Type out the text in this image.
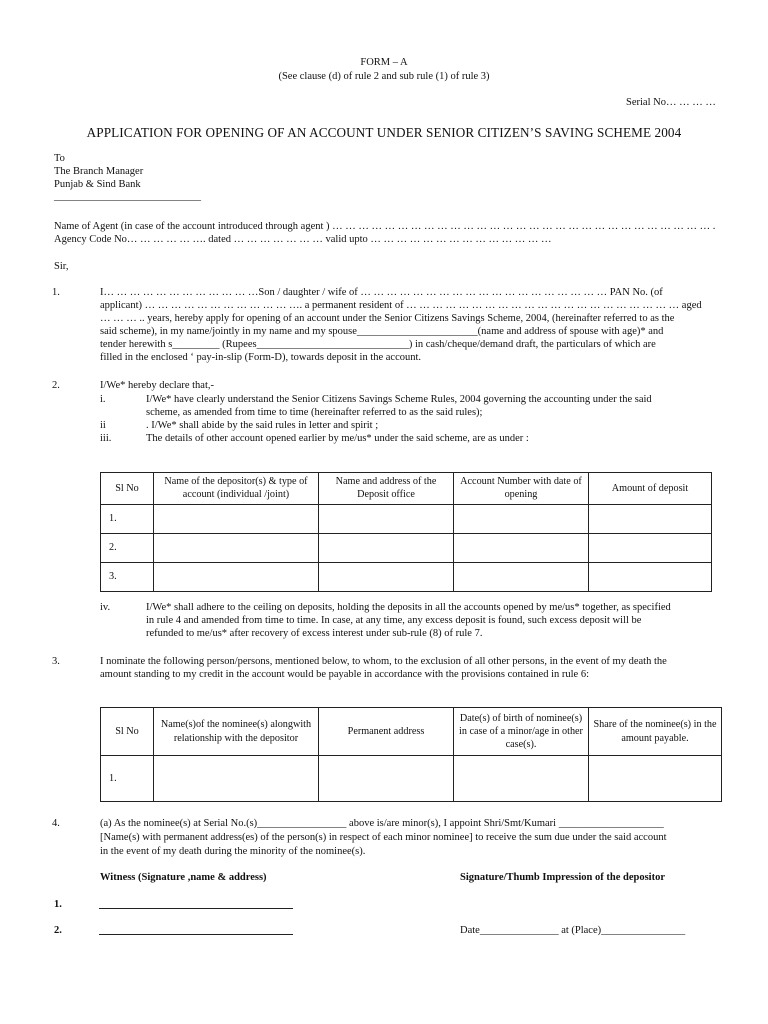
FORM – A
(See clause (d) of rule 2 and sub rule (1) of rule 3)
Serial No… … … …
APPLICATION FOR OPENING OF AN ACCOUNT UNDER SENIOR CITIZEN’S SAVING SCHEME 2004
To
The Branch Manager
Punjab & Sind Bank
____________________________
Name of Agent (in case of the account introduced through agent ) … … … … … … … … … … … … … … … … … … … … … … … … … … … … … .
Agency Code No… … … … … …. dated … … … … … … … valid upto … … … … … … … … … … … … … …
Sir,
1.	I… … … … … … … … … … … …Son / daughter / wife of … … … … … … … … … … … … … … … … … … … PAN No. (of
applicant) … … … … … … … … … … … …. a permanent resident of … … … … … … … … … … … … … … … … … … … … … aged
… … … .. years, hereby apply for opening of an account under the Senior Citizens Savings Scheme, 2004, (hereinafter referred to as the
said scheme), in my name/jointly in my name and my spouse_______________________(name and address of spouse with age)* and
tender herewith s_________ (Rupees_____________________________) in cash/cheque/demand draft, the particulars of which are
filled in the enclosed ‘ pay-in-slip (Form-D), towards deposit in the account.
2.	I/We* hereby declare that,-
i.	I/We* have clearly understand the Senior Citizens Savings Scheme Rules, 2004 governing the accounting under the said
scheme, as amended from time to time (hereinafter referred to as the said rules);
ii	. I/We* shall abide by the said rules in letter and spirit ;
iii.	The details of other account opened earlier by me/us* under the said scheme, are as under :
Sl No	Name of the depositor(s) & type of account (individual /joint)	Name and address of the Deposit office	Account Number with date of opening	Amount of deposit
1.				
2.				
3.				
iv.	I/We* shall adhere to the ceiling on deposits, holding the deposits in all the accounts opened by me/us* together, as specified
in rule 4 and amended from time to time. In case, at any time, any excess deposit is found, such excess deposit will be
refunded to me/us* after recovery of excess interest under sub-rule (8) of rule 7.
3.	I nominate the following person/persons, mentioned below, to whom, to the exclusion of all other persons, in the event of my death the
amount standing to my credit in the account would be payable in accordance with the provisions contained in rule 6:
Sl No	Name(s)of the nominee(s) alongwith relationship with the depositor	Permanent address	Date(s) of birth of nominee(s) in case of a minor/age in other case(s).	Share of the nominee(s) in the amount payable.
1.				
4.	(a) As the nominee(s) at Serial No.(s)_________________ above is/are minor(s), I appoint Shri/Smt/Kumari ____________________
[Name(s) with permanent address(es) of the person(s) in respect of each minor nominee] to receive the sum due under the said account
in the event of my death during the minority of the nominee(s).
Witness (Signature ,name & address)	Signature/Thumb Impression of the depositor
1.
2.	Date_______________ at (Place)________________
